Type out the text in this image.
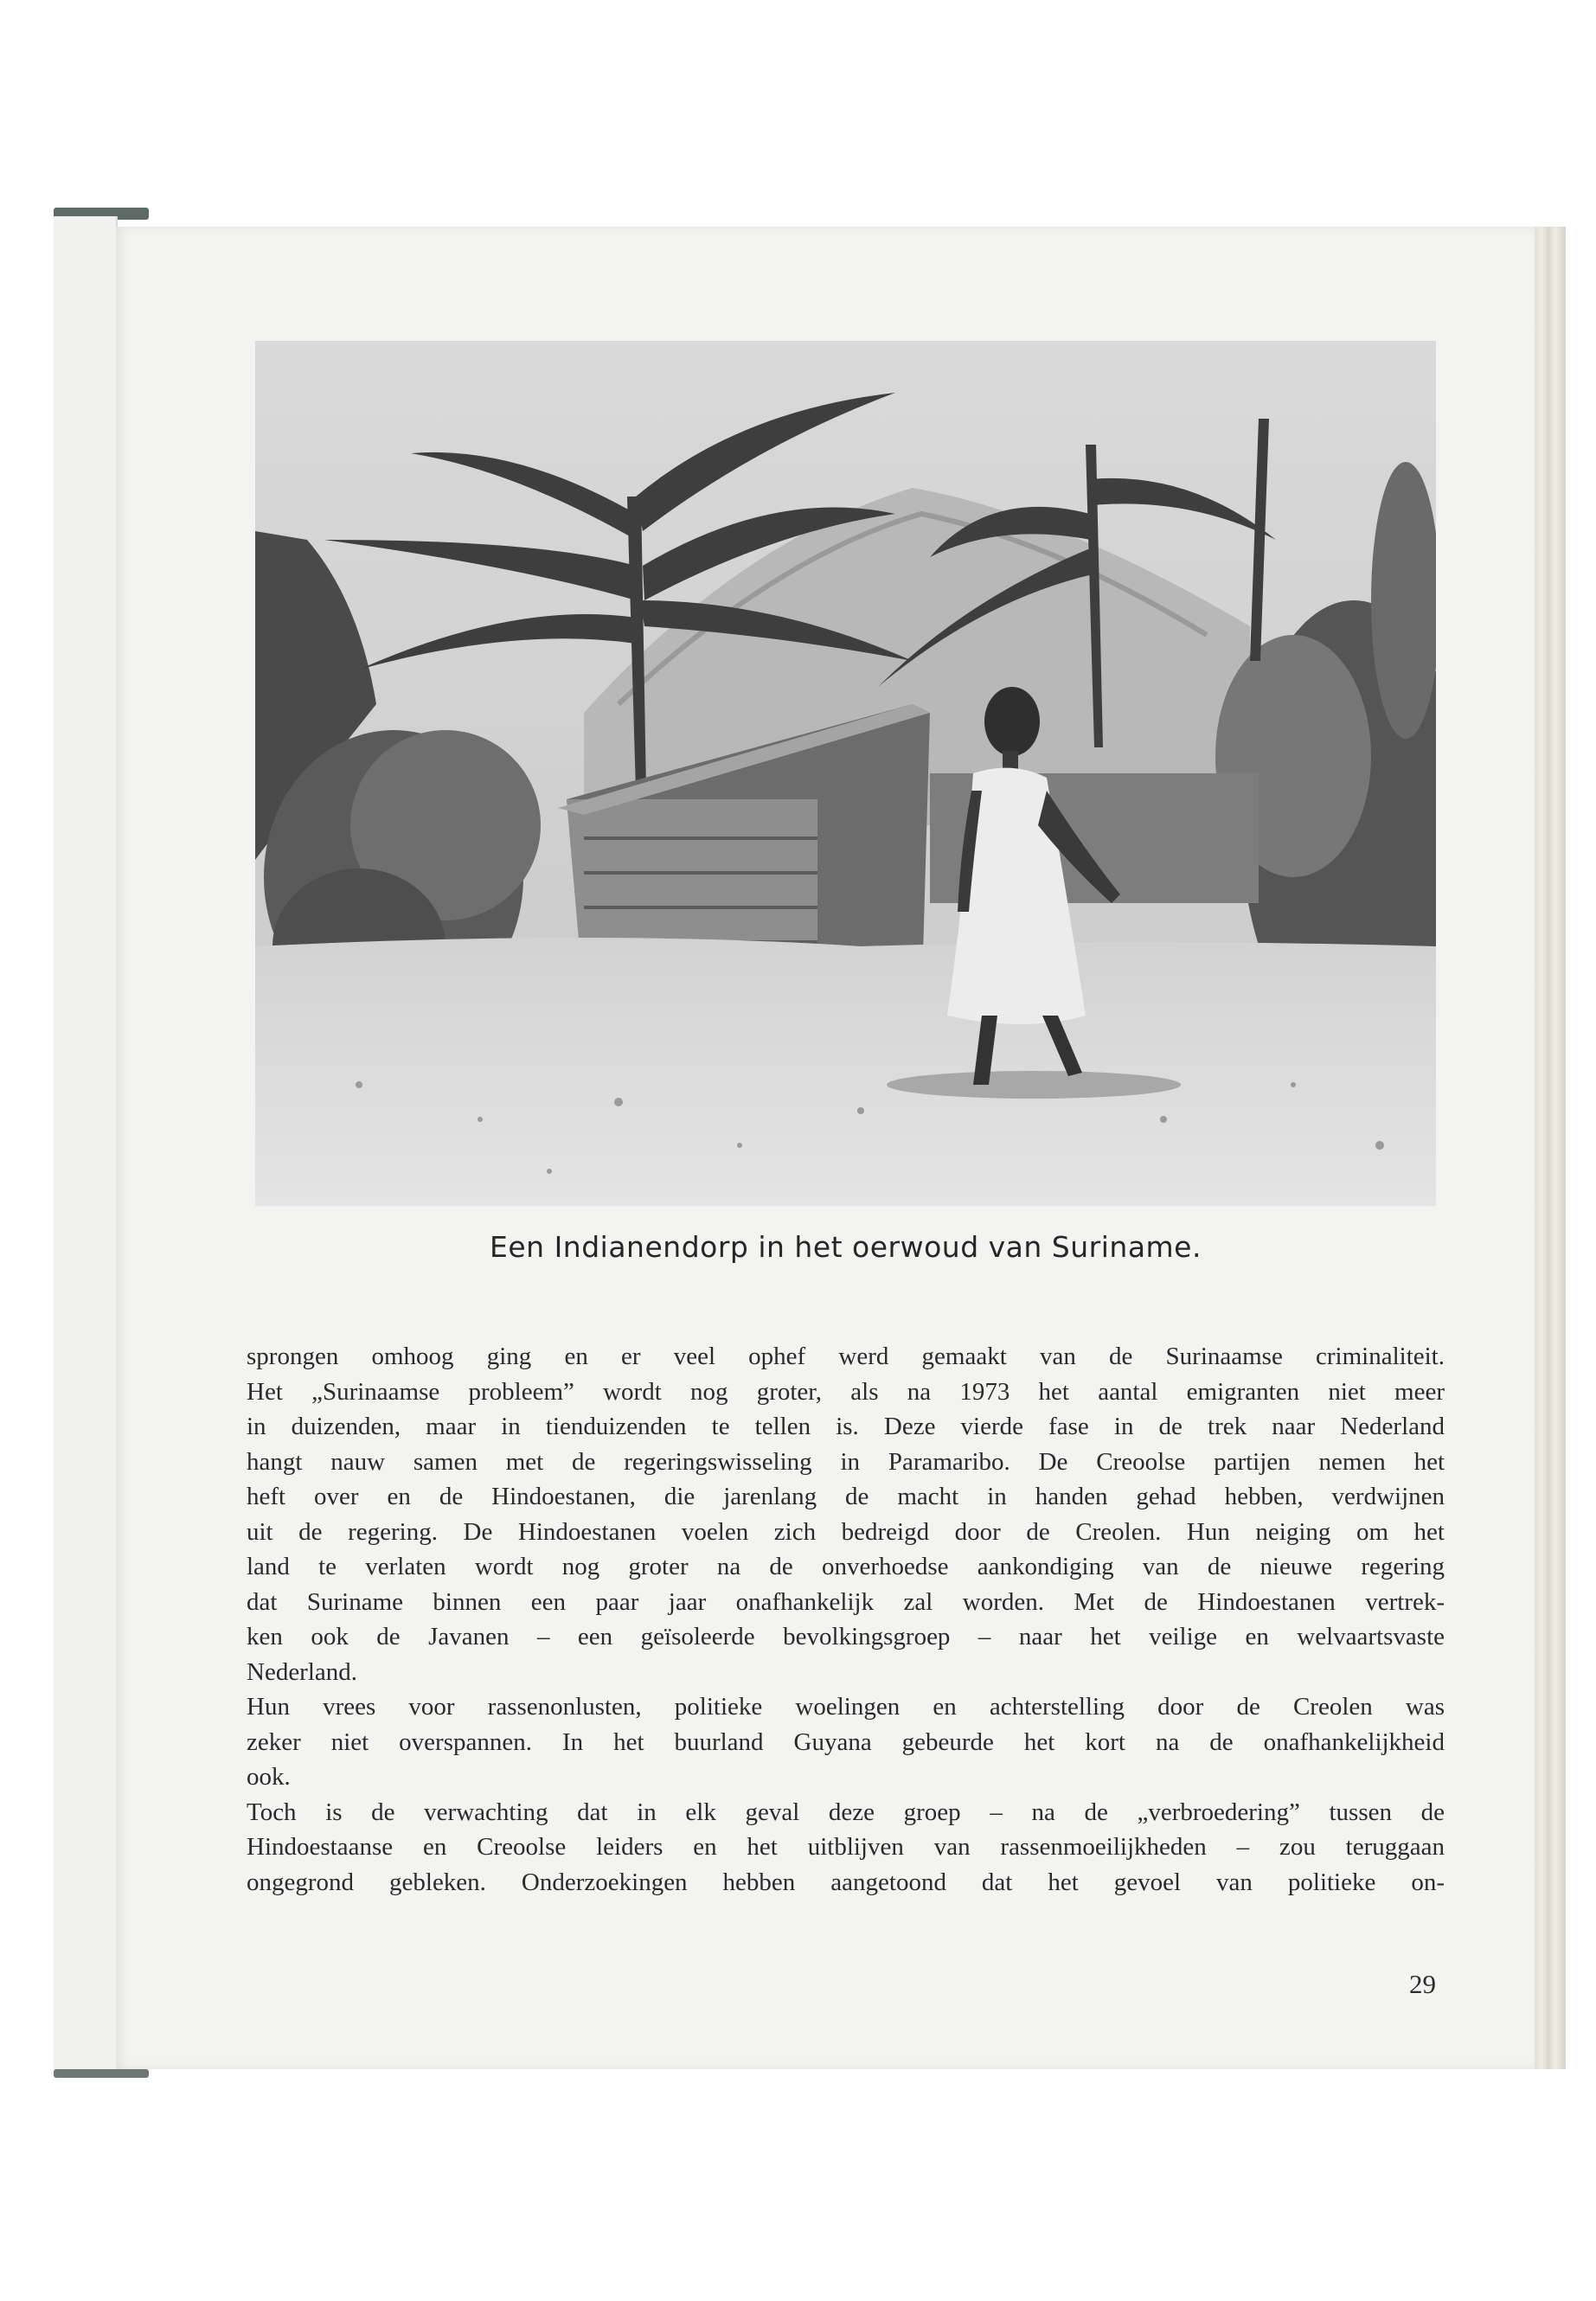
Een Indianendorp in het oerwoud van Suriname.
sprongen omhoog ging en er veel ophef werd gemaakt van de Surinaamse criminaliteit.
Het „Surinaamse probleem” wordt nog groter, als na 1973 het aantal emigranten niet meer
in duizenden, maar in tienduizenden te tellen is. Deze vierde fase in de trek naar Nederland
hangt nauw samen met de regeringswisseling in Paramaribo. De Creoolse partijen nemen het
heft over en de Hindoestanen, die jarenlang de macht in handen gehad hebben, verdwijnen
uit de regering. De Hindoestanen voelen zich bedreigd door de Creolen. Hun neiging om het
land te verlaten wordt nog groter na de onverhoedse aankondiging van de nieuwe regering
dat Suriname binnen een paar jaar onafhankelijk zal worden. Met de Hindoestanen vertrek-
ken ook de Javanen – een geïsoleerde bevolkingsgroep – naar het veilige en welvaartsvaste
Nederland.
Hun vrees voor rassenonlusten, politieke woelingen en achterstelling door de Creolen was
zeker niet overspannen. In het buurland Guyana gebeurde het kort na de onafhankelijkheid
ook.
Toch is de verwachting dat in elk geval deze groep – na de „verbroedering” tussen de
Hindoestaanse en Creoolse leiders en het uitblijven van rassenmoeilijkheden – zou teruggaan
ongegrond gebleken. Onderzoekingen hebben aangetoond dat het gevoel van politieke on-
29
